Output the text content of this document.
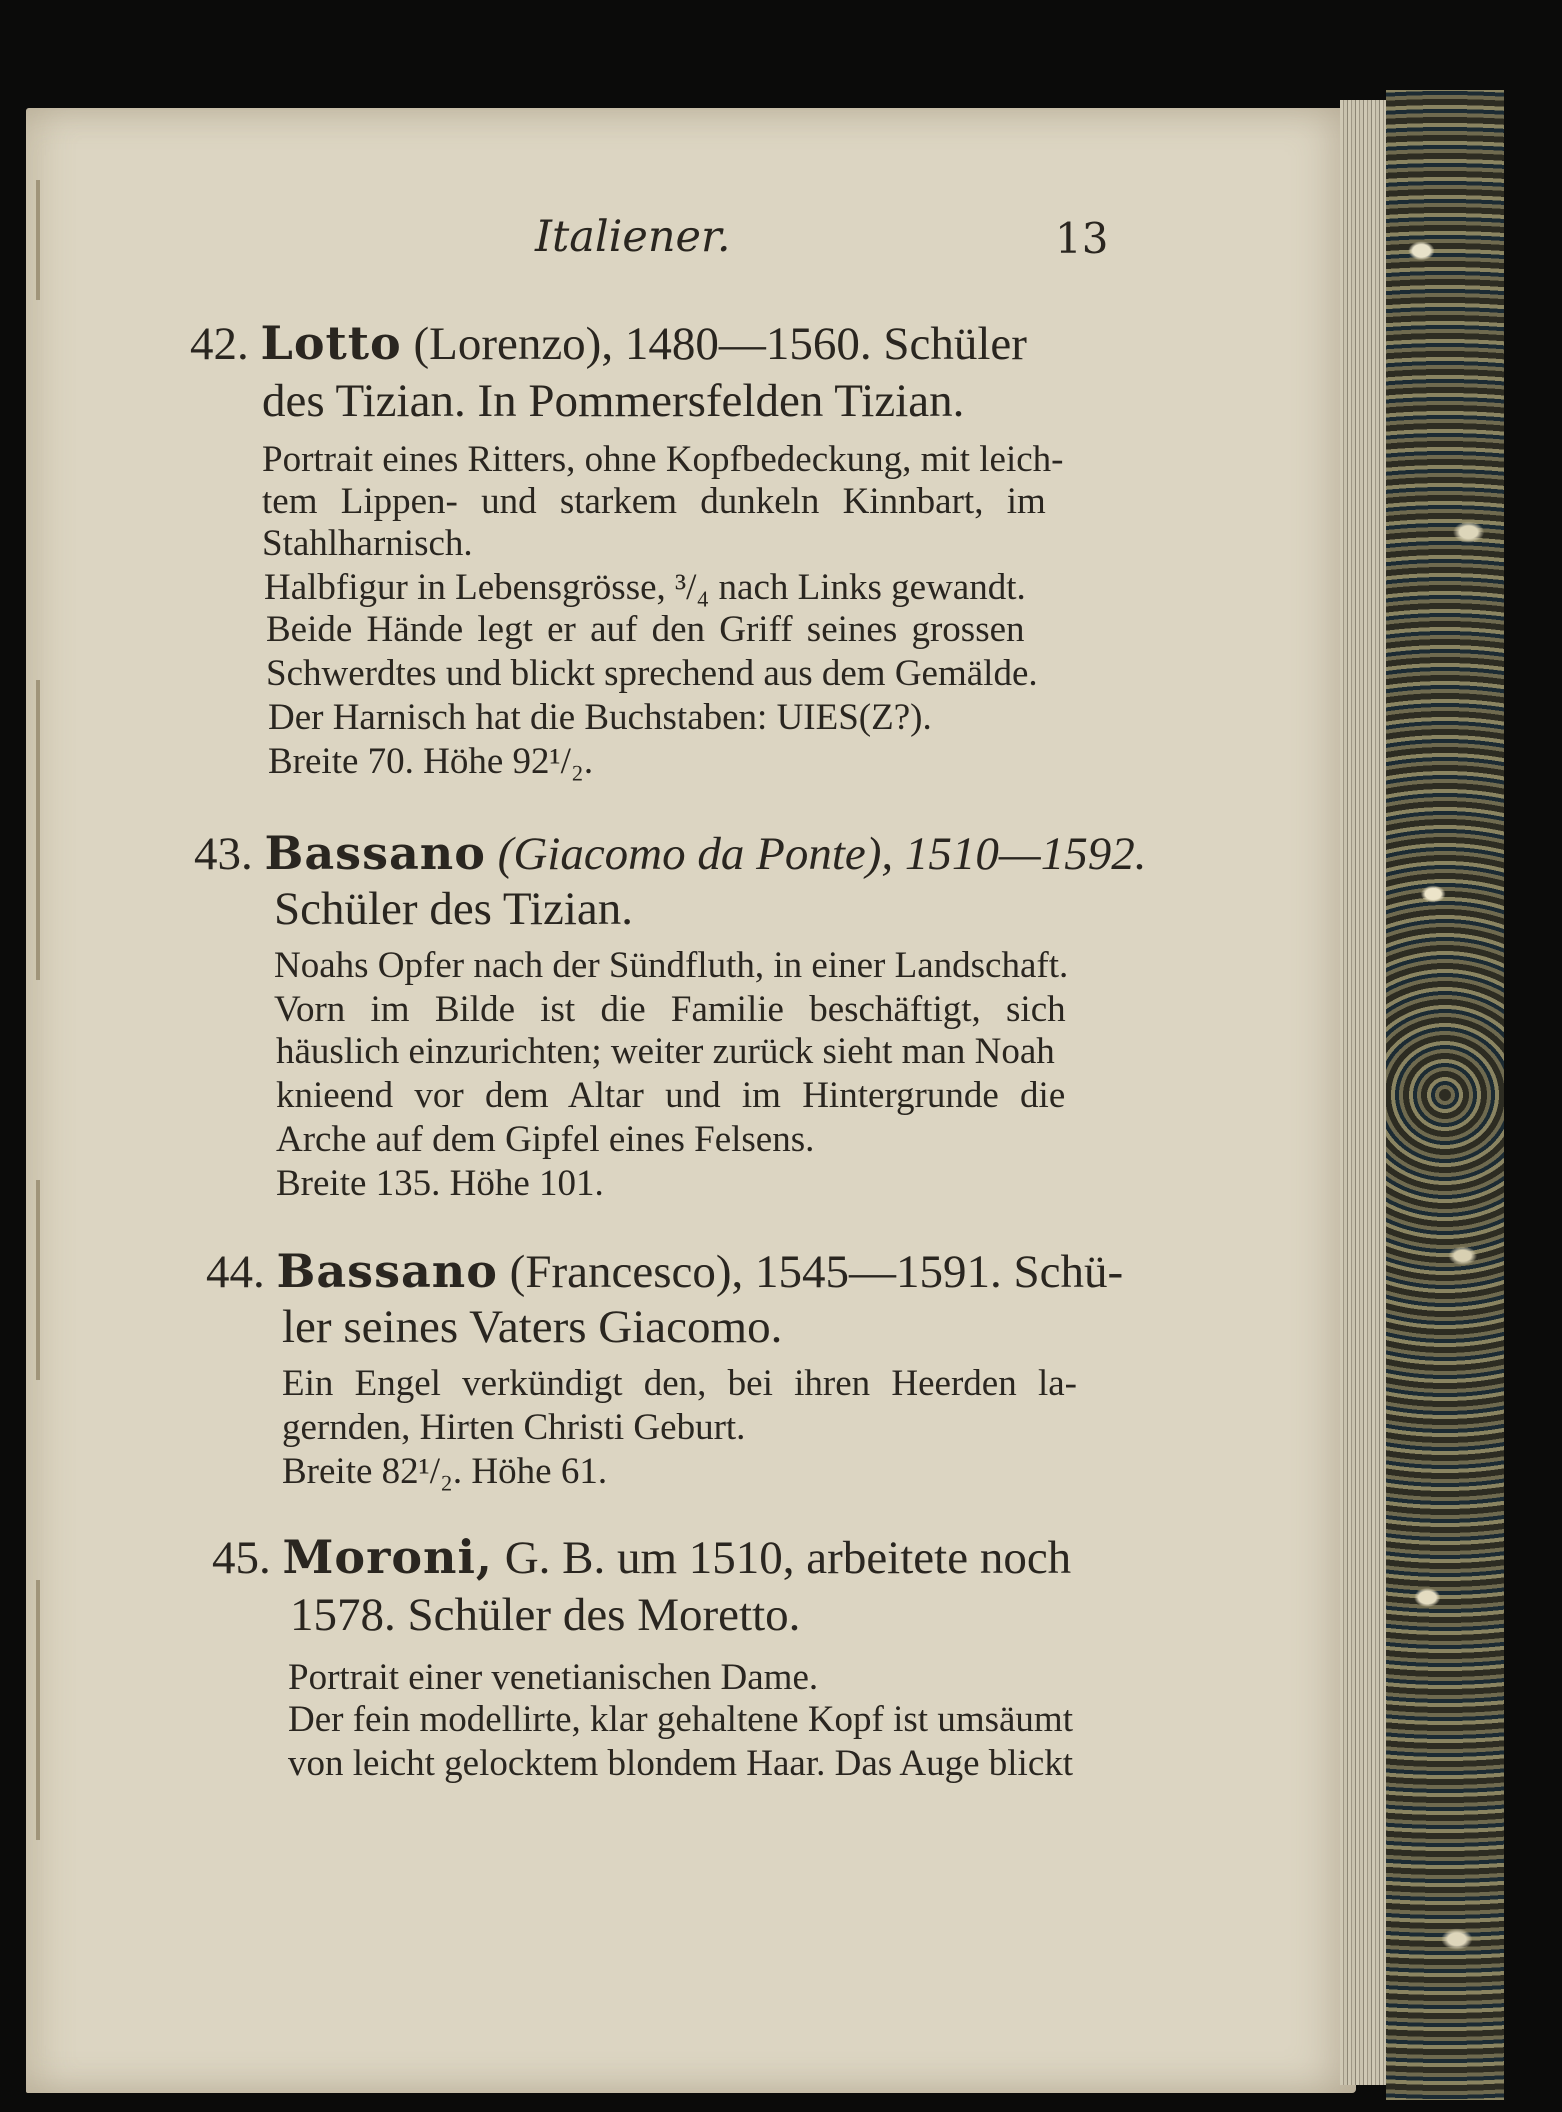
Italiener.	13
42. Lotto (Lorenzo), 1480—1560. Schüler
des Tizian. In Pommersfelden Tizian.
Portrait eines Ritters, ohne Kopfbedeckung, mit leich-
tem Lippen- und starkem dunkeln Kinnbart, im
Stahlharnisch.
Halbfigur in Lebensgrösse, ³/₄ nach Links gewandt.
Beide Hände legt er auf den Griff seines grossen
Schwerdtes und blickt sprechend aus dem Gemälde.
Der Harnisch hat die Buchstaben: UIES(Z?).
Breite 70. Höhe 92¹/₂.
43. Bassano (Giacomo da Ponte), 1510—1592.
Schüler des Tizian.
Noahs Opfer nach der Sündfluth, in einer Landschaft.
Vorn im Bilde ist die Familie beschäftigt, sich
häuslich einzurichten; weiter zurück sieht man Noah
knieend vor dem Altar und im Hintergrunde die
Arche auf dem Gipfel eines Felsens.
Breite 135. Höhe 101.
44. Bassano (Francesco), 1545—1591. Schü-
ler seines Vaters Giacomo.
Ein Engel verkündigt den, bei ihren Heerden la-
gernden, Hirten Christi Geburt.
Breite 82¹/₂. Höhe 61.
45. Moroni, G. B. um 1510, arbeitete noch
1578. Schüler des Moretto.
Portrait einer venetianischen Dame.
Der fein modellirte, klar gehaltene Kopf ist umsäumt
von leicht gelocktem blondem Haar. Das Auge blickt
